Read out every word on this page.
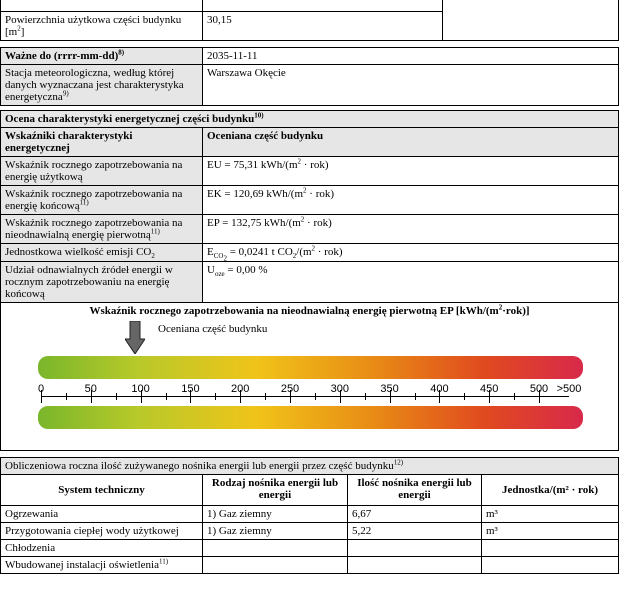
Powierzchnia użytkowa części budynku $[m^2]$	30,15	
Ważne do (rrrr-mm-dd)$^{8)}$	2035-11-11
Stacja meteorologiczna, według której danych wyznaczana jest charakterystyka energetyczna$^{9)}$	Warszawa Okęcie
Ocena charakterystyki energetycznej części budynku$^{10)}$
Wskaźniki charakterystyki energetycznej	Oceniana część budynku
Wskaźnik rocznego zapotrzebowania na energię użytkową	EU = 75,31 kWh/$(m^2 \cdot rok)$
Wskaźnik rocznego zapotrzebowania na energię końcową$^{11)}$	EK = 120,69 kWh/$(m^2 \cdot rok)$
Wskaźnik rocznego zapotrzebowania na nieodnawialną energię pierwotną$^{11)}$	EP = 132,75 kWh/$(m^2 \cdot rok)$
Jednostkowa wielkość emisji $CO_2$	$E_{CO_2} = 0,0241$ t $CO_2/(m^2 \cdot rok)$
Udział odnawialnych źródeł energii w rocznym zapotrzebowaniu na energię końcową	$U_{oze} = 0,00$ %
Wskaźnik rocznego zapotrzebowania na nieodnawialną energię pierwotną EP $[kWh/(m^2\cdot rok)]$
Oceniana część budynku
0	50	100	150	200	250	300	350	400	450	500 >500
Obliczeniowa roczna ilość zużywanego nośnika energii lub energii przez część budynku$^{12)}$
System techniczny	Rodzaj nośnika energii lub energii	Ilość nośnika energii lub energii	Jednostka/(m² · rok)
Ogrzewania	1) Gaz ziemny	6,67	m³
Przygotowania ciepłej wody użytkowej	1) Gaz ziemny	5,22	m³
Chłodzenia			
Wbudowanej instalacji oświetlenia$^{11)}$			
